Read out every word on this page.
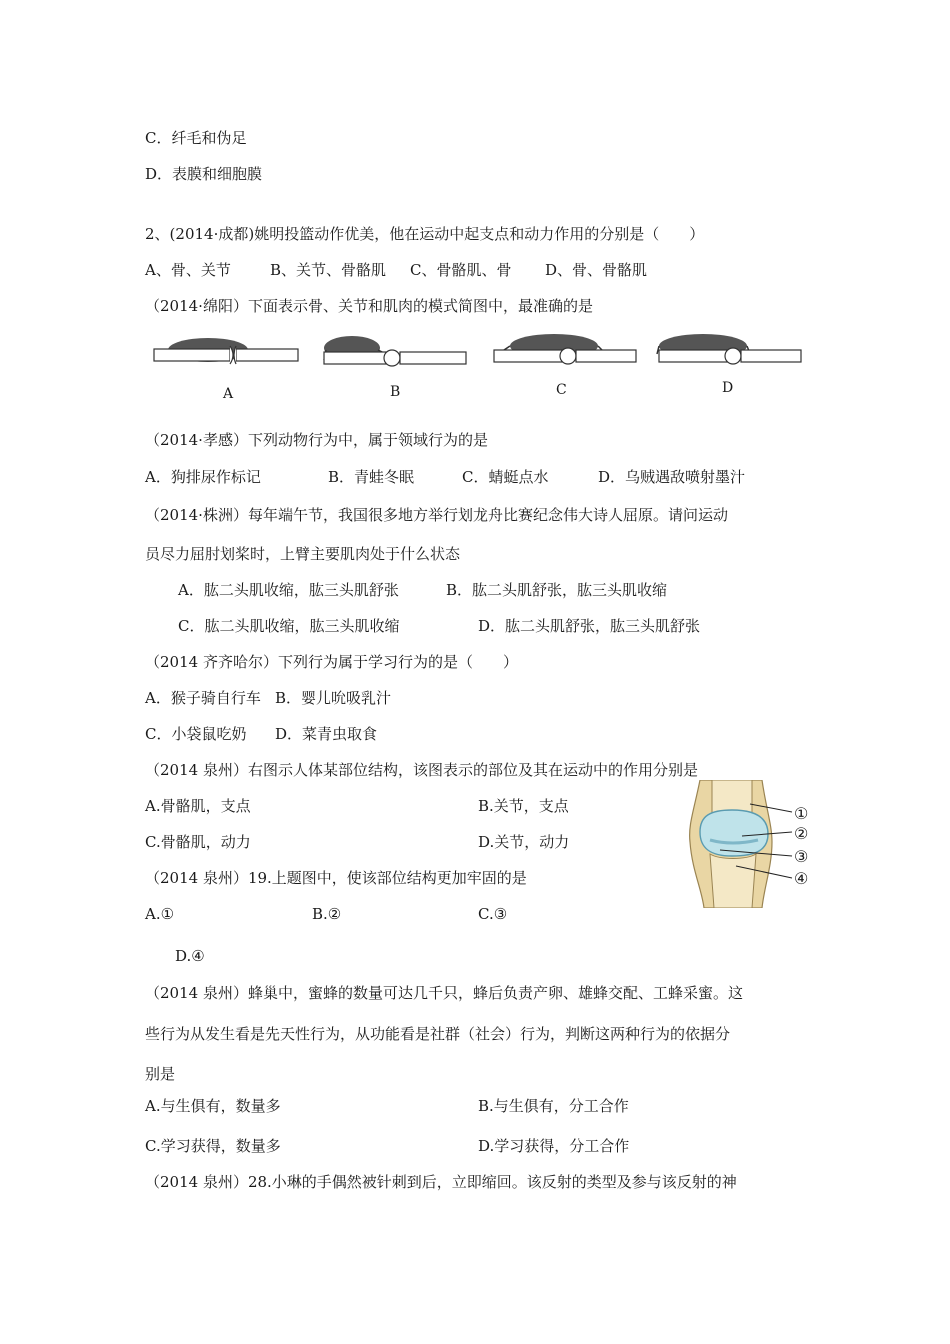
C．纤毛和伪足
D．表膜和细胞膜
2、(2014·成都)姚明投篮动作优美，他在运动中起支点和动力作用的分别是（　　）
A、骨、关节	B、关节、骨骼肌 C、骨骼肌、骨 D、骨、骨骼肌
（2014·绵阳）下面表示骨、关节和肌肉的模式简图中，最准确的是
A	B	C	D
（2014·孝感）下列动物行为中，属于领域行为的是
A．狗排尿作标记	B．青蛙冬眠	C．蜻蜓点水	D．乌贼遇敌喷射墨汁
（2014·株洲）每年端午节，我国很多地方举行划龙舟比赛纪念伟大诗人屈原。请问运动
员尽力屈肘划桨时，上臂主要肌肉处于什么状态
A．肱二头肌收缩，肱三头肌舒张	B．肱二头肌舒张，肱三头肌收缩
C．肱二头肌收缩，肱三头肌收缩	D．肱二头肌舒张，肱三头肌舒张
（2014 齐齐哈尔）下列行为属于学习行为的是（　　）
A．猴子骑自行车 B．婴儿吮吸乳汁
C．小袋鼠吃奶 D．菜青虫取食
（2014 泉州）右图示人体某部位结构，该图表示的部位及其在运动中的作用分别是
A.骨骼肌，支点	B.关节，支点
C.骨骼肌，动力	D.关节，动力
①
②
③
④
（2014 泉州）19.上题图中，使该部位结构更加牢固的是
A.①	B.②	C.③
D.④
（2014 泉州）蜂巢中，蜜蜂的数量可达几千只，蜂后负责产卵、雄蜂交配、工蜂采蜜。这
些行为从发生看是先天性行为，从功能看是社群（社会）行为，判断这两种行为的依据分
别是
A.与生俱有，数量多	B.与生俱有，分工合作
C.学习获得，数量多	D.学习获得，分工合作
（2014 泉州）28.小琳的手偶然被针刺到后，立即缩回。该反射的类型及参与该反射的神
